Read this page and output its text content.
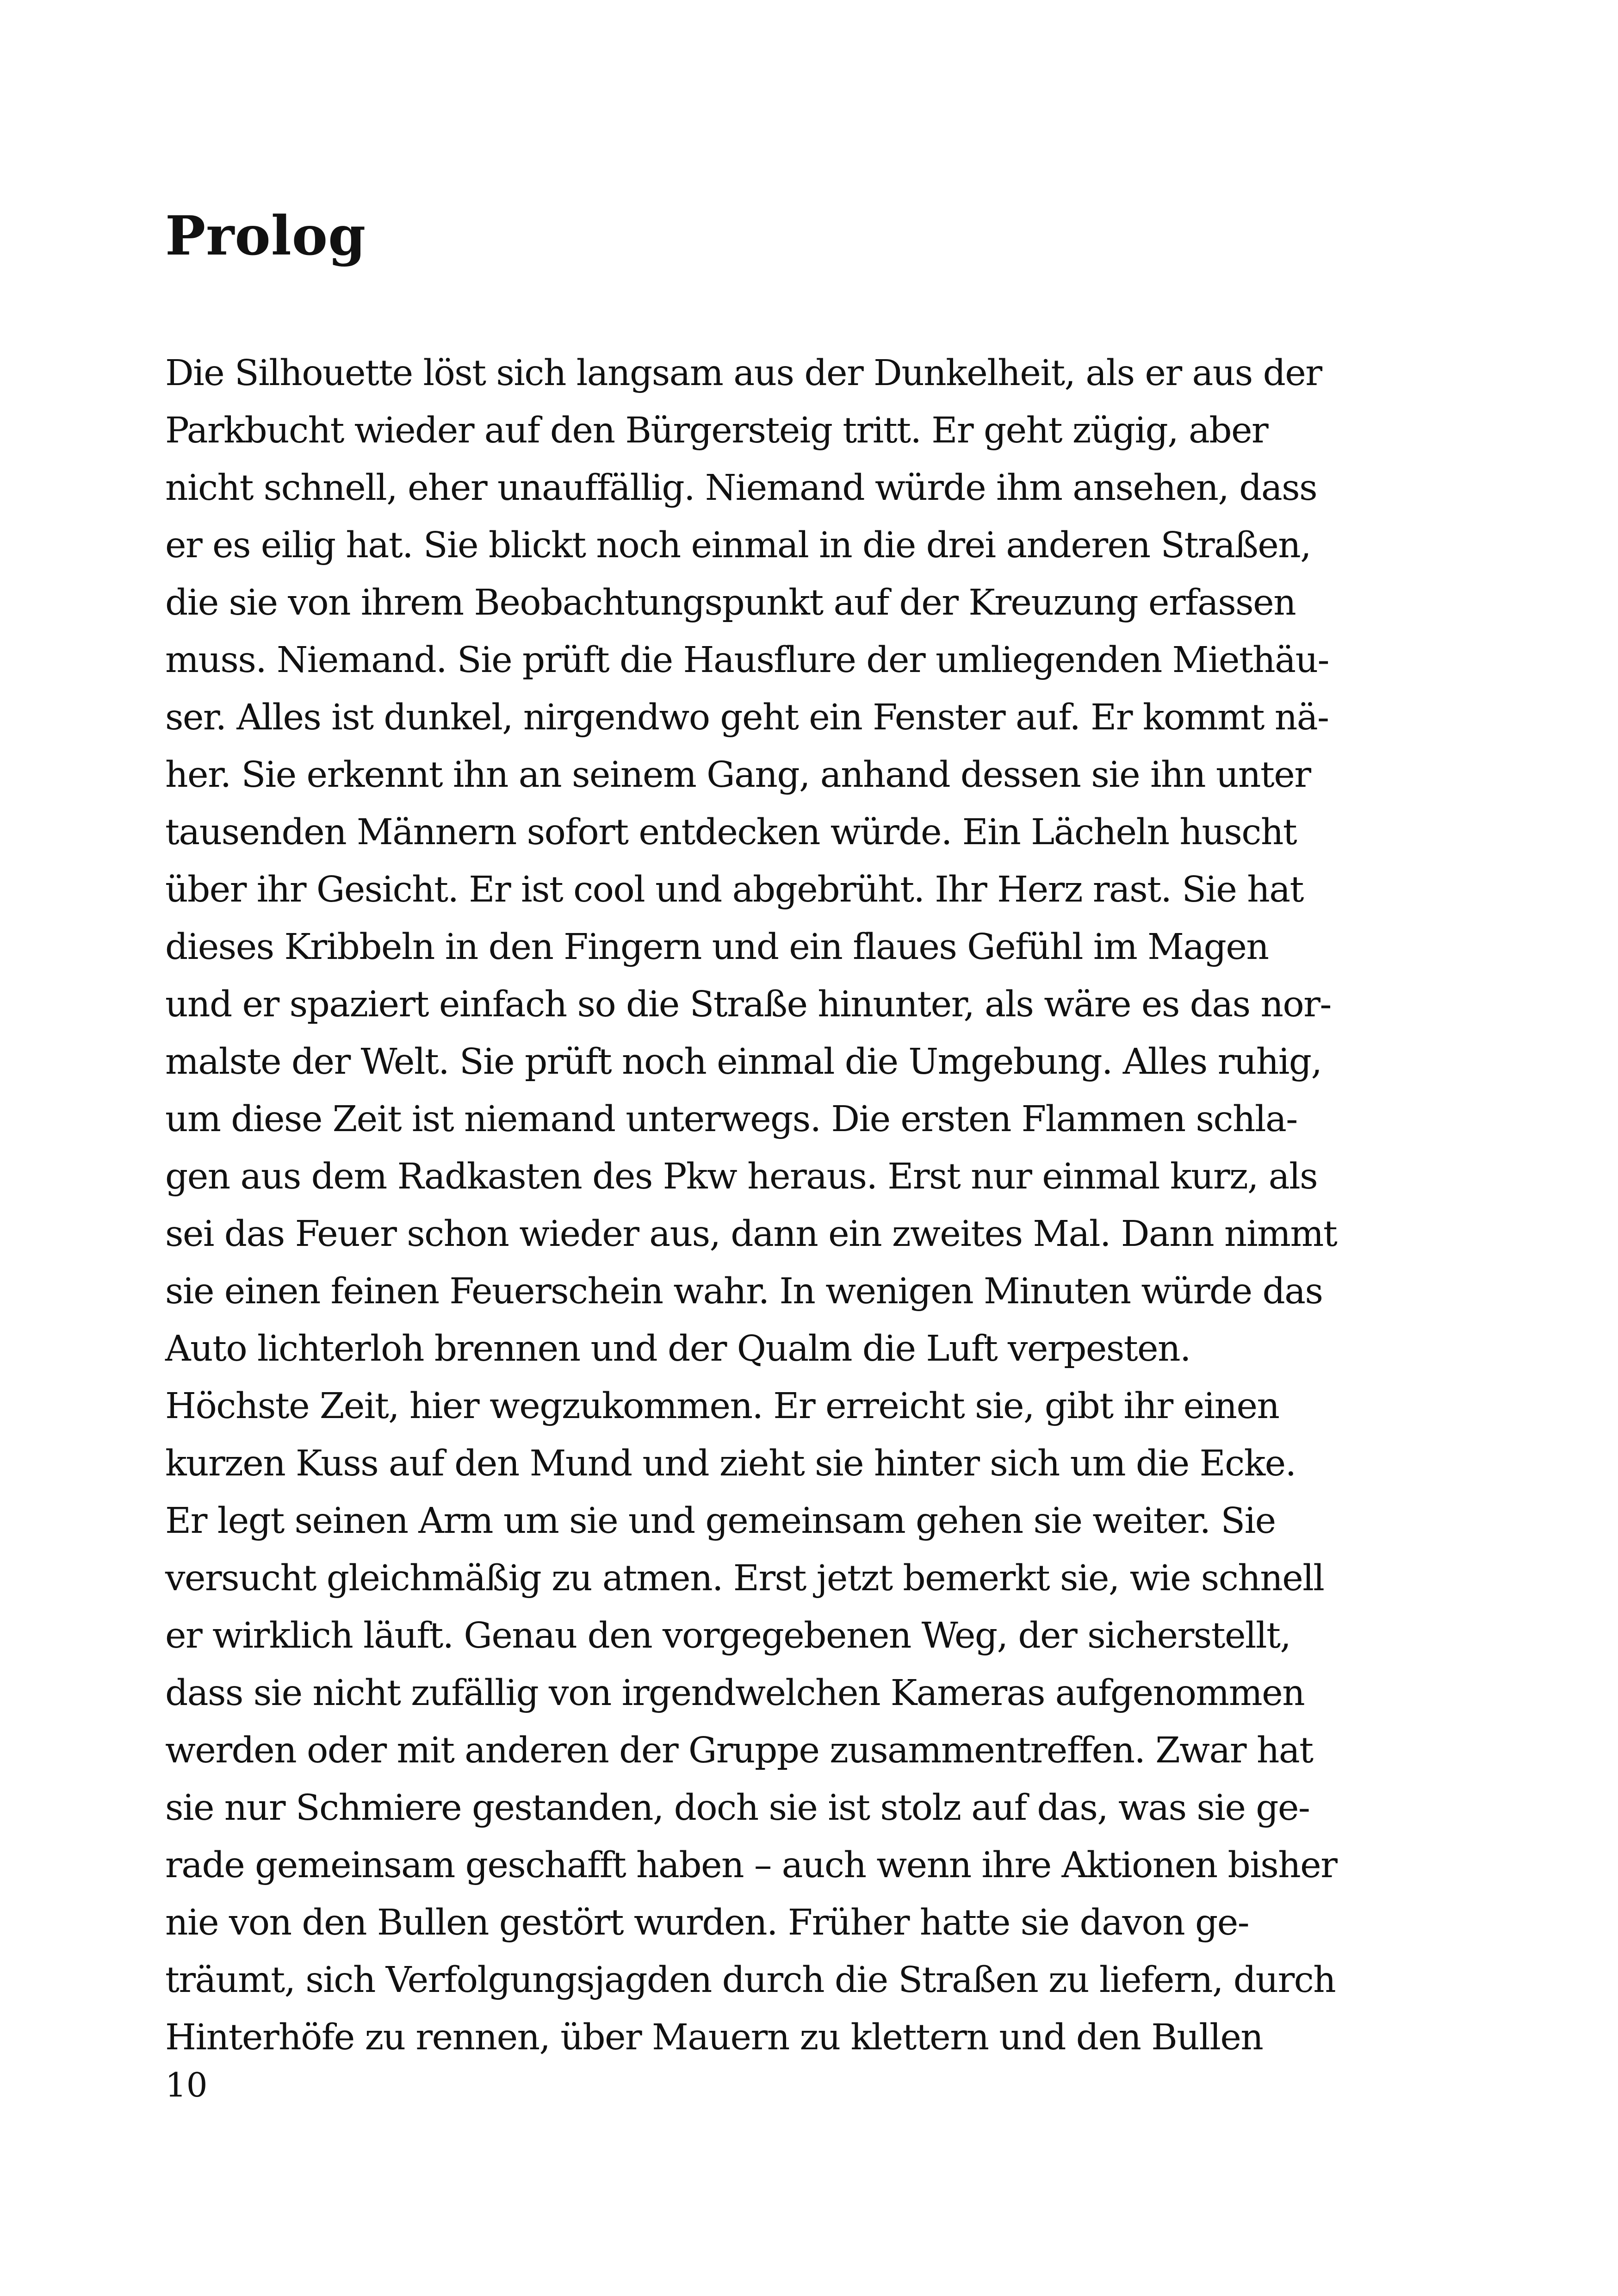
Prolog
Die Silhouette löst sich langsam aus der Dunkelheit, als er aus der
Parkbucht wieder auf den Bürgersteig tritt. Er geht zügig, aber
nicht schnell, eher unauffällig. Niemand würde ihm ansehen, dass
er es eilig hat. Sie blickt noch einmal in die drei anderen Straßen,
die sie von ihrem Beobachtungspunkt auf der Kreuzung erfassen
muss. Niemand. Sie prüft die Hausflure der umliegenden Miethäu-
ser. Alles ist dunkel, nirgendwo geht ein Fenster auf. Er kommt nä-
her. Sie erkennt ihn an seinem Gang, anhand dessen sie ihn unter
tausenden Männern sofort entdecken würde. Ein Lächeln huscht
über ihr Gesicht. Er ist cool und abgebrüht. Ihr Herz rast. Sie hat
dieses Kribbeln in den Fingern und ein flaues Gefühl im Magen
und er spaziert einfach so die Straße hinunter, als wäre es das nor-
malste der Welt. Sie prüft noch einmal die Umgebung. Alles ruhig,
um diese Zeit ist niemand unterwegs. Die ersten Flammen schla-
gen aus dem Radkasten des Pkw heraus. Erst nur einmal kurz, als
sei das Feuer schon wieder aus, dann ein zweites Mal. Dann nimmt
sie einen feinen Feuerschein wahr. In wenigen Minuten würde das
Auto lichterloh brennen und der Qualm die Luft verpesten.
Höchste Zeit, hier wegzukommen. Er erreicht sie, gibt ihr einen
kurzen Kuss auf den Mund und zieht sie hinter sich um die Ecke.
Er legt seinen Arm um sie und gemeinsam gehen sie weiter. Sie
versucht gleichmäßig zu atmen. Erst jetzt bemerkt sie, wie schnell
er wirklich läuft. Genau den vorgegebenen Weg, der sicherstellt,
dass sie nicht zufällig von irgendwelchen Kameras aufgenommen
werden oder mit anderen der Gruppe zusammentreffen. Zwar hat
sie nur Schmiere gestanden, doch sie ist stolz auf das, was sie ge-
rade gemeinsam geschafft haben – auch wenn ihre Aktionen bisher
nie von den Bullen gestört wurden. Früher hatte sie davon ge-
träumt, sich Verfolgungsjagden durch die Straßen zu liefern, durch
Hinterhöfe zu rennen, über Mauern zu klettern und den Bullen
10
